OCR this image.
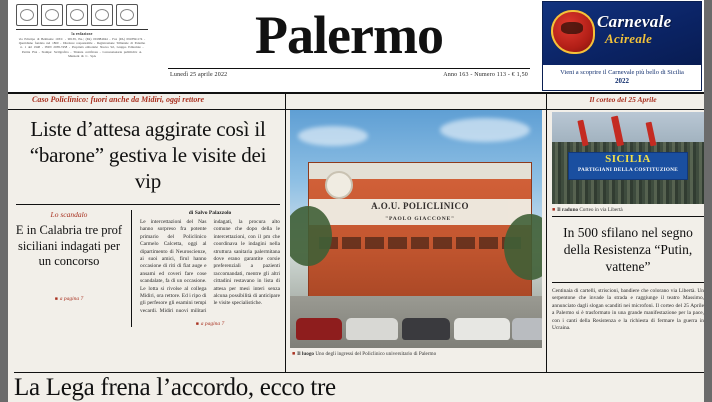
la redazione
via Principe di Belmonte 103/C - 90139, PA.; (PA) 091884944 - Fax (PA) 0918591174 - Quotidiano fondato nel 1860 - Direttore responsabile - Registrazione Tribunale di Palermo n. 1 del 1948 - ISSN 2038-7458 - Proprietà editoriale: Nuova Srl, Gruppo Editoriale - Partita IVA - Stampa: Sicilgrafica - Tiratura certificata - Concessionaria pubblicità: A. Manzoni & C. SpA	Palermo
Lunedì 25 aprile 2022	Anno 163 - Numero 113 - € 1,50
Carnevale
Acireale
Vieni a scoprire il Carnevale più bello di Sicilia
2022
Caso Policlinico: fuori anche da Midiri, oggi rettore	Il corteo del 25 Aprile
Liste d’attesa aggirate così il “barone” gestiva le visite dei vip
Lo scandalo
E in Calabria tre prof siciliani indagati per un concorso
■ a pagina 7
di Salvo Palazzolo
Le intercettazioni del Nas hanno sorpreso fra potente primario del Policlinico Carmelo Calcetta, oggi al dipartimento di Neuroscienze, ai suoi amici, firul hanno occasione di riti di fiat auge e ansami ed coveri fare cose scandalate, fa di un occasione. Le lotta si rivolse al collega Midiri, ora rettore. Ed i ripo di gli perfesore gli esamini tempi vecardi. Midiri nuovi militari indagati, la procura alto comune che dopo della le intercettazioni, con il pm che coordinava le indagini nella struttura sanitaria palermitana dove erano garantite corsie preferenziali a pazienti raccomandati, mentre gli altri cittadini restavano in lista di attesa per mesi interi senza alcuna possibilità di anticipare le visite specialistiche.
■ a pagina 7
A.O.U. POLICLINICO
"PAOLO GIACCONE"
■ Il luogo Uno degli ingressi del Policlinico universitario di Palermo
SICILIA
PARTIGIANI DELLA COSTITUZIONE
■ Il raduno Corteo in via Libertà
In 500 sfilano nel segno della Resistenza “Putin, vattene”
Centinaia di cartelli, striscioni, bandiere che colorano via Libertà. Un serpentone che invade la strada e raggiunge il teatro Massimo, annunciato dagli slogan scanditi nei microfoni. Il corteo del 25 Aprile a Palermo si è trasformato in una grande manifestazione per la pace, con i canti della Resistenza e la richiesta di fermare la guerra in Ucraina.
La Lega frena l’accordo, ecco tre
